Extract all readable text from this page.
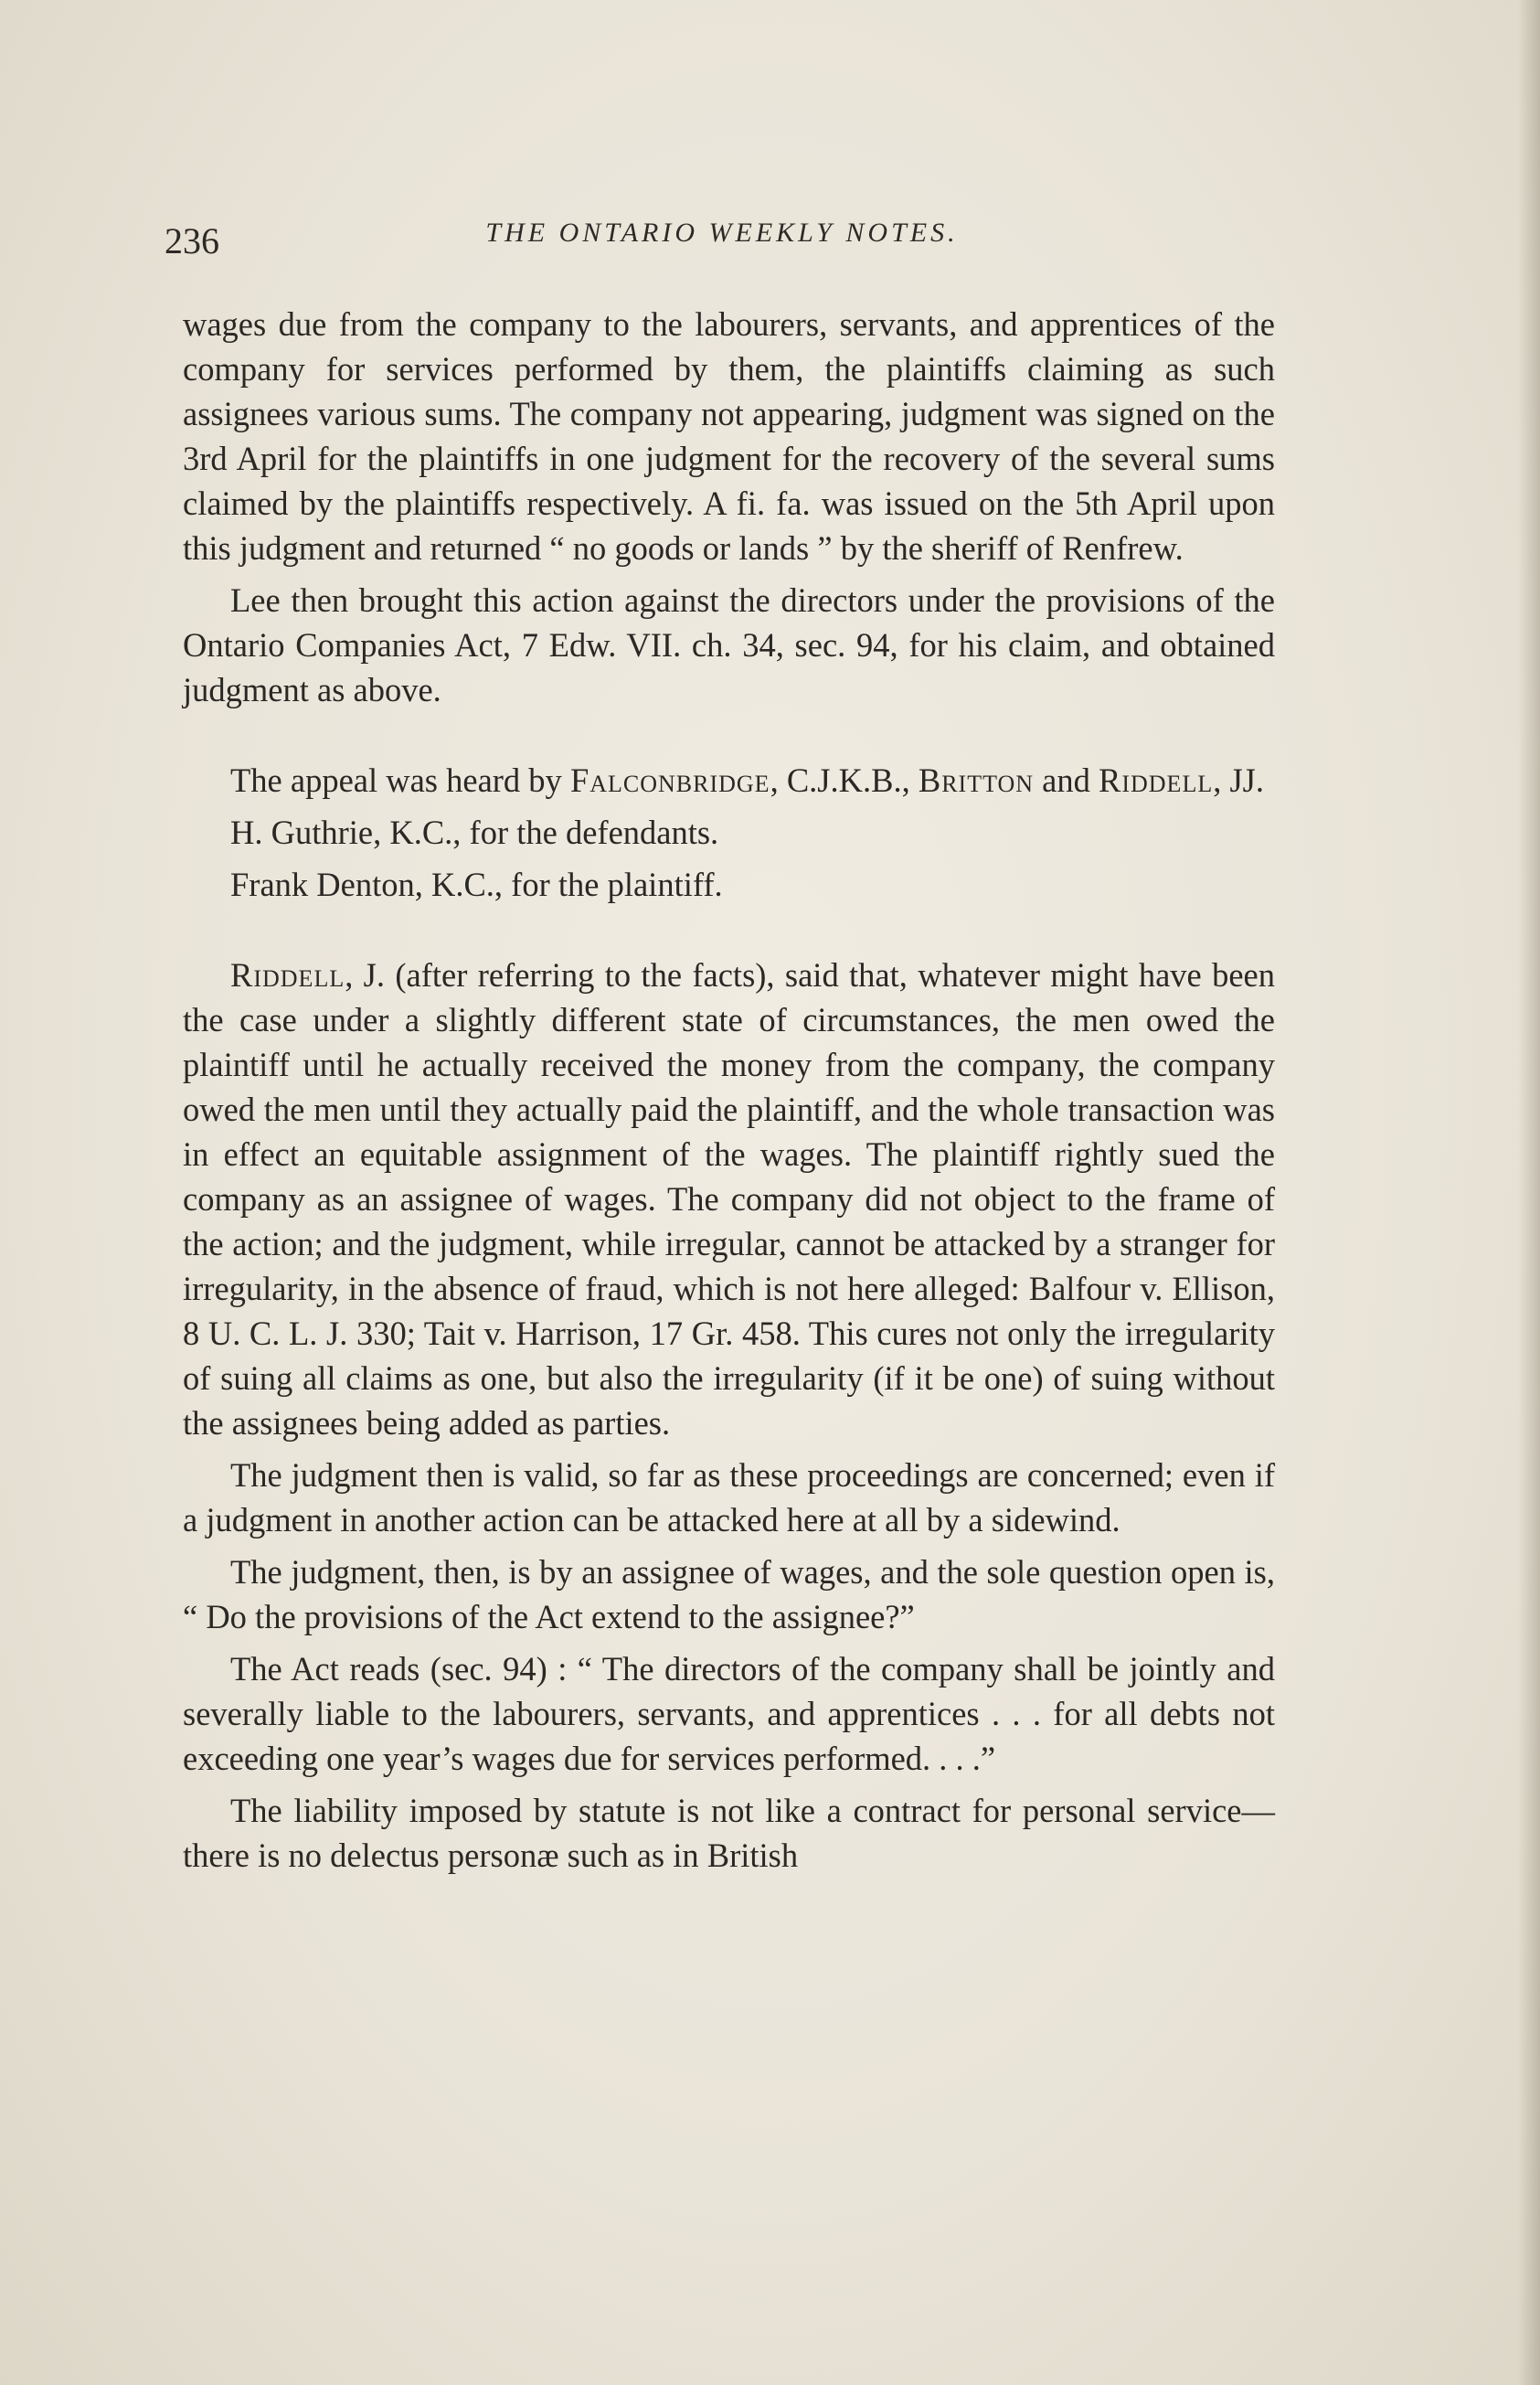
236	THE ONTARIO WEEKLY NOTES.

wages due from the company to the labourers, servants, and apprentices of the company for services performed by them, the plaintiffs claiming as such assignees various sums. The company not appearing, judgment was signed on the 3rd April for the plaintiffs in one judgment for the recovery of the several sums claimed by the plaintiffs respectively. A fi. fa. was issued on the 5th April upon this judgment and returned “ no goods or lands ” by the sheriff of Renfrew.

Lee then brought this action against the directors under the provisions of the Ontario Companies Act, 7 Edw. VII. ch. 34, sec. 94, for his claim, and obtained judgment as above.

The appeal was heard by Falconbridge, C.J.K.B., Britton and Riddell, JJ.

H. Guthrie, K.C., for the defendants.

Frank Denton, K.C., for the plaintiff.

Riddell, J. (after referring to the facts), said that, whatever might have been the case under a slightly different state of circumstances, the men owed the plaintiff until he actually received the money from the company, the company owed the men until they actually paid the plaintiff, and the whole transaction was in effect an equitable assignment of the wages. The plaintiff rightly sued the company as an assignee of wages. The company did not object to the frame of the action; and the judgment, while irregular, cannot be attacked by a stranger for irregularity, in the absence of fraud, which is not here alleged: Balfour v. Ellison, 8 U. C. L. J. 330; Tait v. Harrison, 17 Gr. 458. This cures not only the irregularity of suing all claims as one, but also the irregularity (if it be one) of suing without the assignees being added as parties.

The judgment then is valid, so far as these proceedings are concerned; even if a judgment in another action can be attacked here at all by a sidewind.

The judgment, then, is by an assignee of wages, and the sole question open is, “ Do the provisions of the Act extend to the assignee?”

The Act reads (sec. 94) : “ The directors of the company shall be jointly and severally liable to the labourers, servants, and apprentices . . . for all debts not exceeding one year’s wages due for services performed. . . .”

The liability imposed by statute is not like a contract for personal service—there is no delectus personæ such as in British
